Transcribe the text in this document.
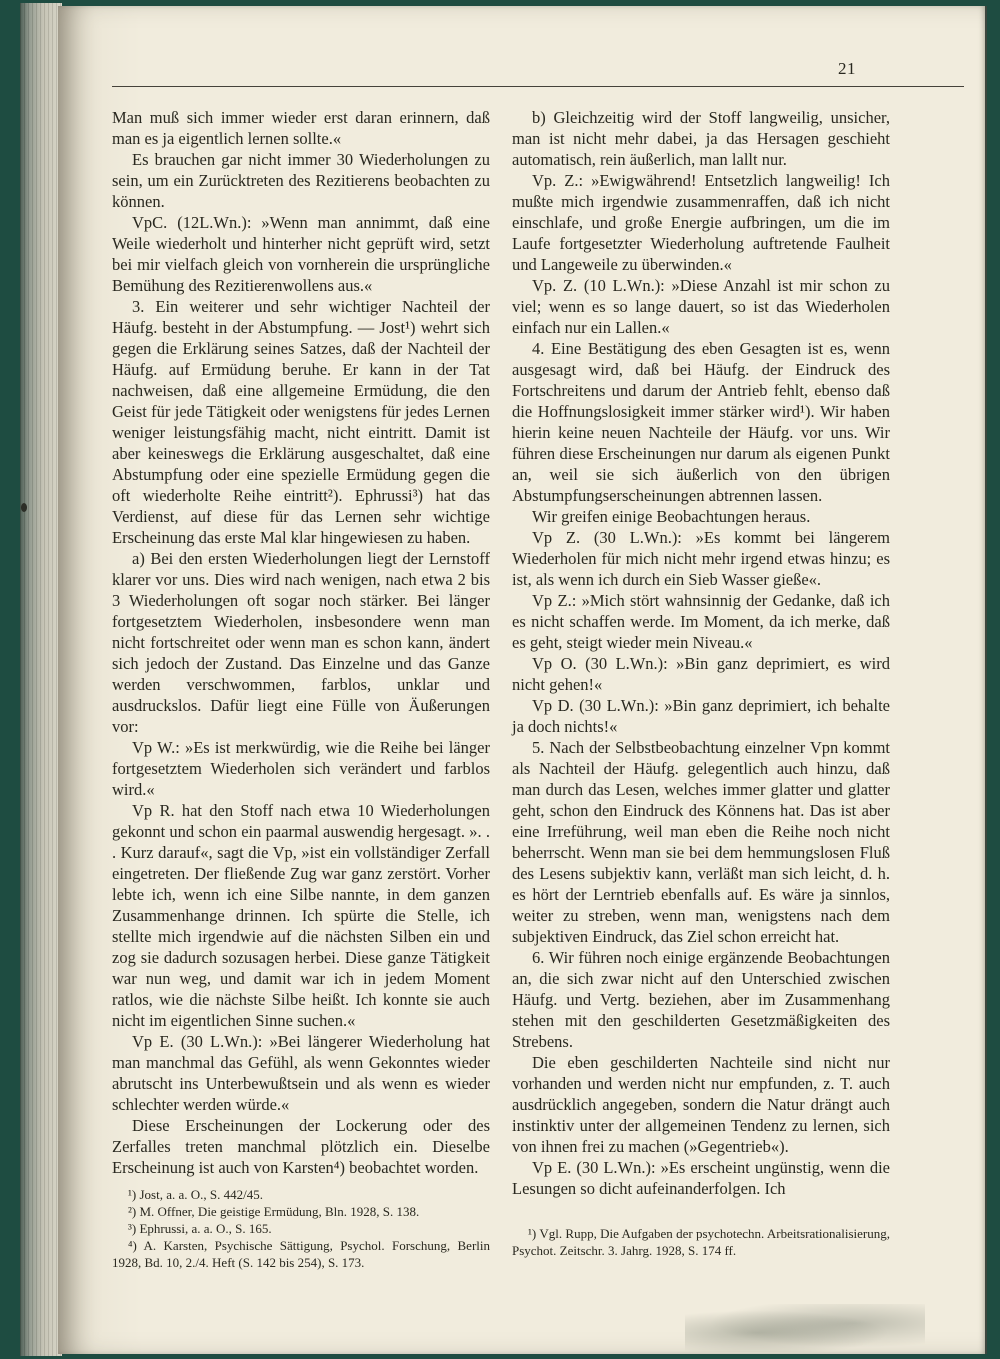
21

Man muß sich immer wieder erst daran erinnern, daß man es ja eigentlich lernen sollte.«

Es brauchen gar nicht immer 30 Wiederholungen zu sein, um ein Zurücktreten des Rezitierens beobachten zu können.

VpC. (12L.Wn.): »Wenn man annimmt, daß eine Weile wiederholt und hinterher nicht geprüft wird, setzt bei mir vielfach gleich von vornherein die ursprüngliche Bemühung des Rezitierenwollens aus.«

3. Ein weiterer und sehr wichtiger Nachteil der Häufg. besteht in der Abstumpfung. — Jost¹) wehrt sich gegen die Erklärung seines Satzes, daß der Nachteil der Häufg. auf Ermüdung beruhe. Er kann in der Tat nachweisen, daß eine allgemeine Ermüdung, die den Geist für jede Tätigkeit oder wenigstens für jedes Lernen weniger leistungsfähig macht, nicht eintritt. Damit ist aber keineswegs die Erklärung ausgeschaltet, daß eine Abstumpfung oder eine spezielle Ermüdung gegen die oft wiederholte Reihe eintritt²). Ephrussi³) hat das Verdienst, auf diese für das Lernen sehr wichtige Erscheinung das erste Mal klar hingewiesen zu haben.

a) Bei den ersten Wiederholungen liegt der Lernstoff klarer vor uns. Dies wird nach wenigen, nach etwa 2 bis 3 Wiederholungen oft sogar noch stärker. Bei länger fortgesetztem Wiederholen, insbesondere wenn man nicht fortschreitet oder wenn man es schon kann, ändert sich jedoch der Zustand. Das Einzelne und das Ganze werden verschwommen, farblos, unklar und ausdruckslos. Dafür liegt eine Fülle von Äußerungen vor:

Vp W.: »Es ist merkwürdig, wie die Reihe bei länger fortgesetztem Wiederholen sich verändert und farblos wird.«

Vp R. hat den Stoff nach etwa 10 Wiederholungen gekonnt und schon ein paarmal auswendig hergesagt. ». . . Kurz darauf«, sagt die Vp, »ist ein vollständiger Zerfall eingetreten. Der fließende Zug war ganz zerstört. Vorher lebte ich, wenn ich eine Silbe nannte, in dem ganzen Zusammenhange drinnen. Ich spürte die Stelle, ich stellte mich irgendwie auf die nächsten Silben ein und zog sie dadurch sozusagen herbei. Diese ganze Tätigkeit war nun weg, und damit war ich in jedem Moment ratlos, wie die nächste Silbe heißt. Ich konnte sie auch nicht im eigentlichen Sinne suchen.«

Vp E. (30 L.Wn.): »Bei längerer Wiederholung hat man manchmal das Gefühl, als wenn Gekonntes wieder abrutscht ins Unterbewußtsein und als wenn es wieder schlechter werden würde.«

Diese Erscheinungen der Lockerung oder des Zerfalles treten manchmal plötzlich ein. Dieselbe Erscheinung ist auch von Karsten⁴) beobachtet worden.

¹) Jost, a. a. O., S. 442/45.

²) M. Offner, Die geistige Ermüdung, Bln. 1928, S. 138.

³) Ephrussi, a. a. O., S. 165.

⁴) A. Karsten, Psychische Sättigung, Psychol. Forschung, Berlin 1928, Bd. 10, 2./4. Heft (S. 142 bis 254), S. 173.

b) Gleichzeitig wird der Stoff langweilig, unsicher, man ist nicht mehr dabei, ja das Hersagen geschieht automatisch, rein äußerlich, man lallt nur.

Vp. Z.: »Ewigwährend! Entsetzlich langweilig! Ich mußte mich irgendwie zusammenraffen, daß ich nicht einschlafe, und große Energie aufbringen, um die im Laufe fortgesetzter Wiederholung auftretende Faulheit und Langeweile zu überwinden.«

Vp. Z. (10 L.Wn.): »Diese Anzahl ist mir schon zu viel; wenn es so lange dauert, so ist das Wiederholen einfach nur ein Lallen.«

4. Eine Bestätigung des eben Gesagten ist es, wenn ausgesagt wird, daß bei Häufg. der Eindruck des Fortschreitens und darum der Antrieb fehlt, ebenso daß die Hoffnungslosigkeit immer stärker wird¹). Wir haben hierin keine neuen Nachteile der Häufg. vor uns. Wir führen diese Erscheinungen nur darum als eigenen Punkt an, weil sie sich äußerlich von den übrigen Abstumpfungserscheinungen abtrennen lassen.

Wir greifen einige Beobachtungen heraus.

Vp Z. (30 L.Wn.): »Es kommt bei längerem Wiederholen für mich nicht mehr irgend etwas hinzu; es ist, als wenn ich durch ein Sieb Wasser gieße«.

Vp Z.: »Mich stört wahnsinnig der Gedanke, daß ich es nicht schaffen werde. Im Moment, da ich merke, daß es geht, steigt wieder mein Niveau.«

Vp O. (30 L.Wn.): »Bin ganz deprimiert, es wird nicht gehen!«

Vp D. (30 L.Wn.): »Bin ganz deprimiert, ich behalte ja doch nichts!«

5. Nach der Selbstbeobachtung einzelner Vpn kommt als Nachteil der Häufg. gelegentlich auch hinzu, daß man durch das Lesen, welches immer glatter und glatter geht, schon den Eindruck des Könnens hat. Das ist aber eine Irreführung, weil man eben die Reihe noch nicht beherrscht. Wenn man sie bei dem hemmungslosen Fluß des Lesens subjektiv kann, verläßt man sich leicht, d. h. es hört der Lerntrieb ebenfalls auf. Es wäre ja sinnlos, weiter zu streben, wenn man, wenigstens nach dem subjektiven Eindruck, das Ziel schon erreicht hat.

6. Wir führen noch einige ergänzende Beobachtungen an, die sich zwar nicht auf den Unterschied zwischen Häufg. und Vertg. beziehen, aber im Zusammenhang stehen mit den geschilderten Gesetzmäßigkeiten des Strebens.

Die eben geschilderten Nachteile sind nicht nur vorhanden und werden nicht nur empfunden, z. T. auch ausdrücklich angegeben, sondern die Natur drängt auch instinktiv unter der allgemeinen Tendenz zu lernen, sich von ihnen frei zu machen (»Gegentrieb«).

Vp E. (30 L.Wn.): »Es erscheint ungünstig, wenn die Lesungen so dicht aufeinanderfolgen. Ich

¹) Vgl. Rupp, Die Aufgaben der psychotechn. Arbeitsrationalisierung, Psychot. Zeitschr. 3. Jahrg. 1928, S. 174 ff.
